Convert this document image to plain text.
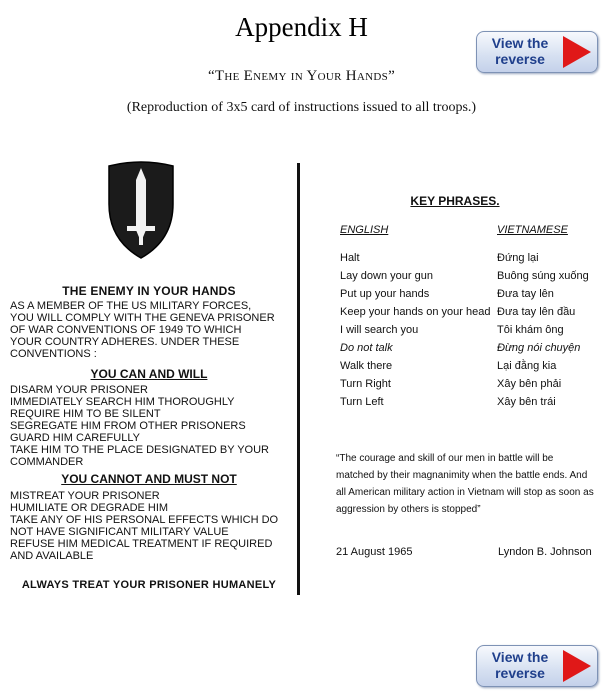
Appendix H
“The Enemy in Your Hands”
(Reproduction of 3x5 card of instructions issued to all troops.)
View the reverse
THE ENEMY IN YOUR HANDS
AS A MEMBER OF THE US MILITARY FORCES, YOU WILL COMPLY WITH THE GENEVA PRISONER OF WAR CONVENTIONS OF 1949 TO WHICH YOUR COUNTRY ADHERES. UNDER THESE CONVENTIONS :
YOU CAN AND WILL
DISARM YOUR PRISONER
IMMEDIATELY SEARCH HIM THOROUGHLY
REQUIRE HIM TO BE SILENT
SEGREGATE HIM FROM OTHER PRISONERS
GUARD HIM CAREFULLY
TAKE HIM TO THE PLACE DESIGNATED BY YOUR COMMANDER
YOU CANNOT AND MUST NOT
MISTREAT YOUR PRISONER
HUMILIATE OR DEGRADE HIM
TAKE ANY OF HIS PERSONAL EFFECTS WHICH DO NOT HAVE SIGNIFICANT MILITARY VALUE
REFUSE HIM MEDICAL TREATMENT IF REQUIRED AND AVAILABLE
ALWAYS TREAT YOUR PRISONER HUMANELY
KEY PHRASES.
ENGLISH	VIETNAMESE
Halt
Lay down your gun
Put up your hands
Keep your hands on your head
I will search you
Do not talk
Walk there
Turn Right
Turn Left
Đứng lại
Buông súng xuống
Đưa tay lên
Đưa tay lên đầu
Tôi khám ông
Đừng nói chuyện
Lại đằng kia
Xây bên phải
Xây bên trái
“The courage and skill of our men in battle will be matched by their magnanimity when the battle ends. And all American military action in Vietnam will stop as soon as aggression by others is stopped”
21 August 1965	Lyndon B. Johnson
View the reverse
